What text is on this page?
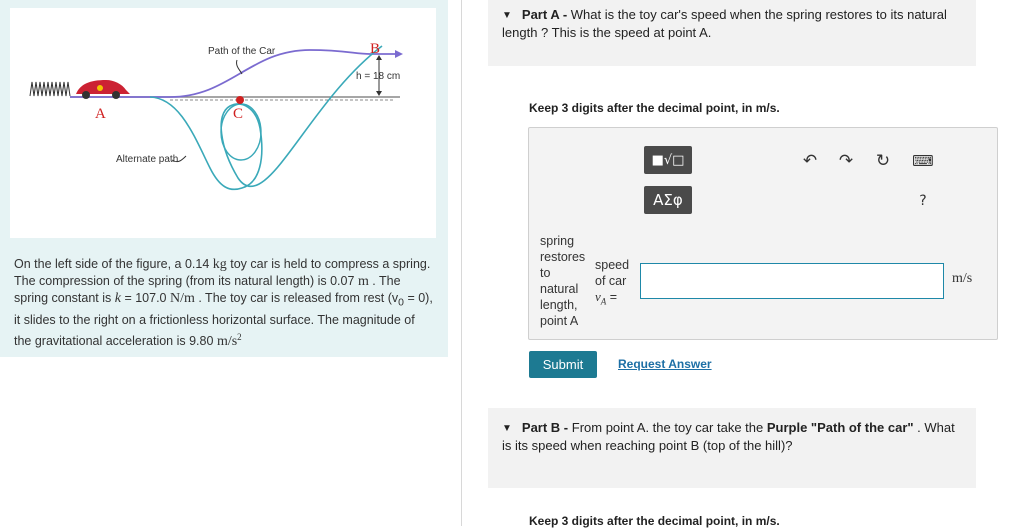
Path of the Car	B
h = 18 cm
A	C
Alternate path
On the left side of the figure, a 0.14 kg toy car is held to compress a spring. The compression of the spring (from its natural length) is 0.07 m . The spring constant is k = 107.0 N/m . The toy car is released from rest $(v_0 = 0)$, it slides to the right on a frictionless horizontal surface. The magnitude of the gravitational acceleration is 9.80 $m/s^2$
▼ Part A - What is the toy car's speed when the spring restores to its natural length ? This is the speed at point A.
Keep 3 digits after the decimal point, in m/s.
■√□
ΑΣφ
↶ ↷ ↻ ⌨
?
spring restores to natural length, point A
speed of car
$v_A$ =
m/s
Submit	Request Answer
▼ Part B - From point A. the toy car take the Purple "Path of the car" . What is its speed when reaching point B (top of the hill)?
Keep 3 digits after the decimal point, in m/s.
